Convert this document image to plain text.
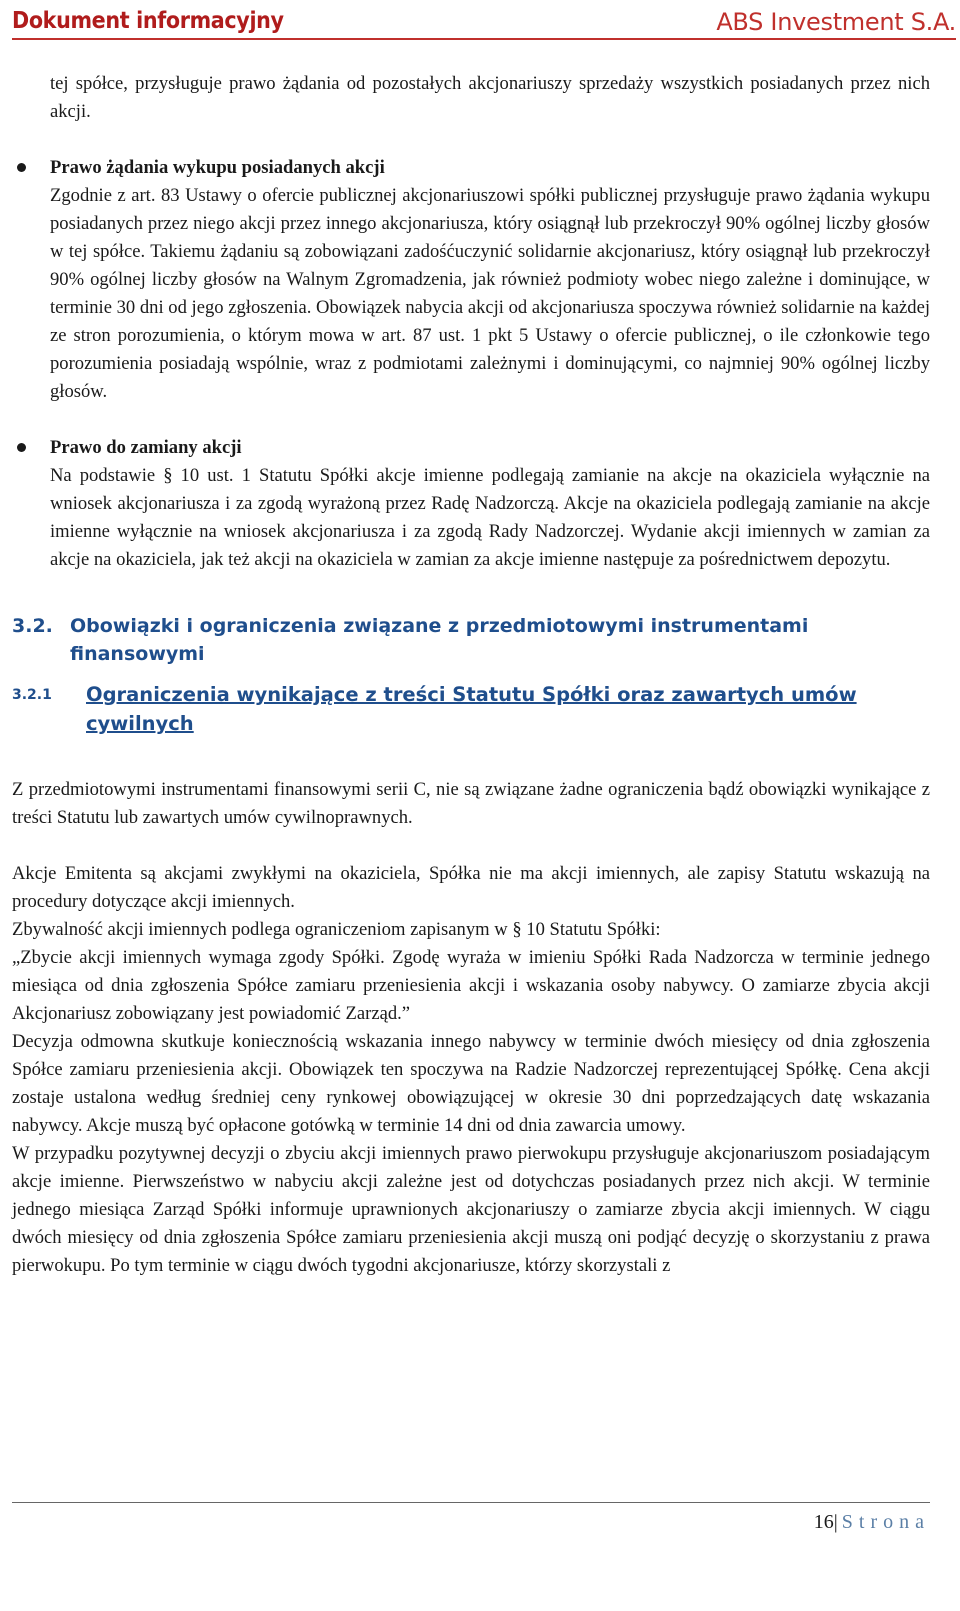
Dokument informacyjny	ABS Investment S.A.

tej spółce, przysługuje prawo żądania od pozostałych akcjonariuszy sprzedaży wszystkich posiadanych przez nich akcji.

Prawo żądania wykupu posiadanych akcji

Zgodnie z art. 83 Ustawy o ofercie publicznej akcjonariuszowi spółki publicznej przysługuje prawo żądania wykupu posiadanych przez niego akcji przez innego akcjonariusza, który osiągnął lub przekroczył 90% ogólnej liczby głosów w tej spółce. Takiemu żądaniu są zobowiązani zadośćuczynić solidarnie akcjonariusz, który osiągnął lub przekroczył 90% ogólnej liczby głosów na Walnym Zgromadzenia, jak również podmioty wobec niego zależne i dominujące, w terminie 30 dni od jego zgłoszenia. Obowiązek nabycia akcji od akcjonariusza spoczywa również solidarnie na każdej ze stron porozumienia, o którym mowa w art. 87 ust. 1 pkt 5 Ustawy o ofercie publicznej, o ile członkowie tego porozumienia posiadają wspólnie, wraz z podmiotami zależnymi i dominującymi, co najmniej 90% ogólnej liczby głosów.

Prawo do zamiany akcji

Na podstawie § 10 ust. 1 Statutu Spółki akcje imienne podlegają zamianie na akcje na okaziciela wyłącznie na wniosek akcjonariusza i za zgodą wyrażoną przez Radę Nadzorczą. Akcje na okaziciela podlegają zamianie na akcje imienne wyłącznie na wniosek akcjonariusza i za zgodą Rady Nadzorczej. Wydanie akcji imiennych w zamian za akcje na okaziciela, jak też akcji na okaziciela w zamian za akcje imienne następuje za pośrednictwem depozytu.

3.2. Obowiązki i ograniczenia związane z przedmiotowymi instrumentami finansowymi
3.2.1 Ograniczenia wynikające z treści Statutu Spółki oraz zawartych umów cywilnych

Z przedmiotowymi instrumentami finansowymi serii C, nie są związane żadne ograniczenia bądź obowiązki wynikające z treści Statutu lub zawartych umów cywilnoprawnych.

Akcje Emitenta są akcjami zwykłymi na okaziciela, Spółka nie ma akcji imiennych, ale zapisy Statutu wskazują na procedury dotyczące akcji imiennych.

Zbywalność akcji imiennych podlega ograniczeniom zapisanym w § 10 Statutu Spółki:

„Zbycie akcji imiennych wymaga zgody Spółki. Zgodę wyraża w imieniu Spółki Rada Nadzorcza w terminie jednego miesiąca od dnia zgłoszenia Spółce zamiaru przeniesienia akcji i wskazania osoby nabywcy. O zamiarze zbycia akcji Akcjonariusz zobowiązany jest powiadomić Zarząd.”

Decyzja odmowna skutkuje koniecznością wskazania innego nabywcy w terminie dwóch miesięcy od dnia zgłoszenia Spółce zamiaru przeniesienia akcji. Obowiązek ten spoczywa na Radzie Nadzorczej reprezentującej Spółkę. Cena akcji zostaje ustalona według średniej ceny rynkowej obowiązującej w okresie 30 dni poprzedzających datę wskazania nabywcy. Akcje muszą być opłacone gotówką w terminie 14 dni od dnia zawarcia umowy.

W przypadku pozytywnej decyzji o zbyciu akcji imiennych prawo pierwokupu przysługuje akcjonariuszom posiadającym akcje imienne. Pierwszeństwo w nabyciu akcji zależne jest od dotychczas posiadanych przez nich akcji. W terminie jednego miesiąca Zarząd Spółki informuje uprawnionych akcjonariuszy o zamiarze zbycia akcji imiennych. W ciągu dwóch miesięcy od dnia zgłoszenia Spółce zamiaru przeniesienia akcji muszą oni podjąć decyzję o skorzystaniu z prawa pierwokupu. Po tym terminie w ciągu dwóch tygodni akcjonariusze, którzy skorzystali z

16| Strona
